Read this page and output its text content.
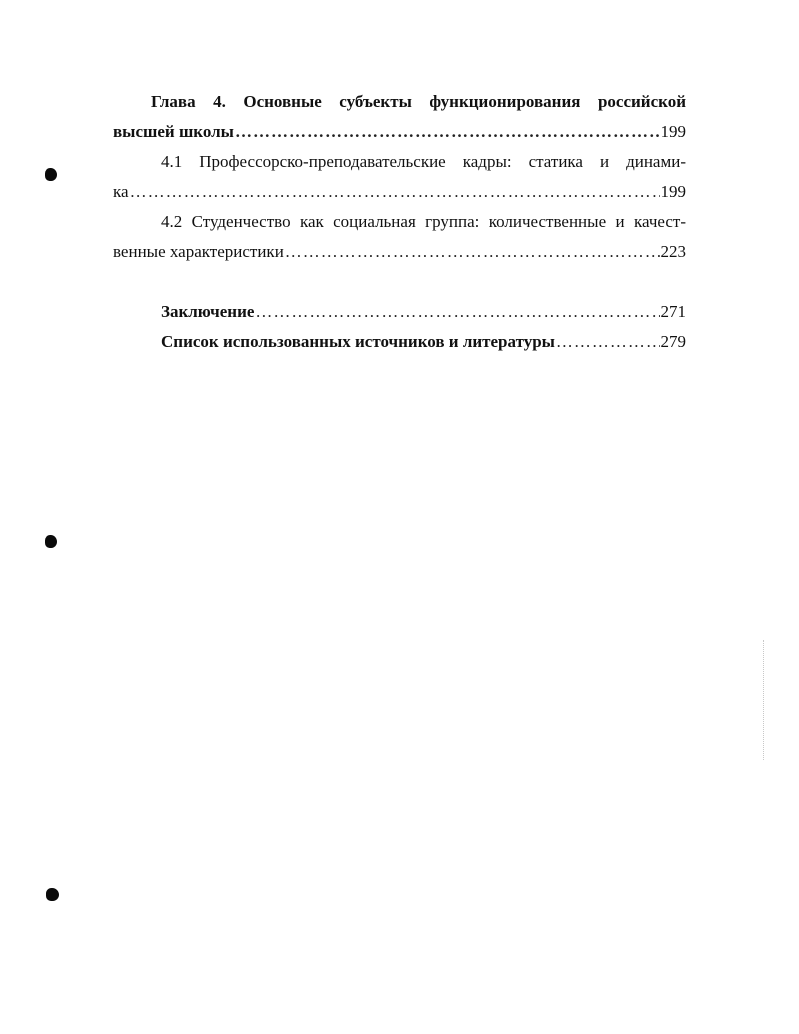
Глава 4. Основные субъекты функционирования российской
высшей школы ……………………………………………………………………………………………………………………………………………………………………	199
4.1 Профессорско-преподавательские кадры: статика и динами-
ка ……………………………………………………………………………………………………………………………………………………………………	199
4.2 Студенчество как социальная группа: количественные и качест-
венные характеристики ……………………………………………………………………………………………………………………………………………………………………	223
Заключение ……………………………………………………………………………………………………………………………………………………………………	271
Список использованных источников и литературы ……………………………………………………………………………………………………………………………………………………………………	279
